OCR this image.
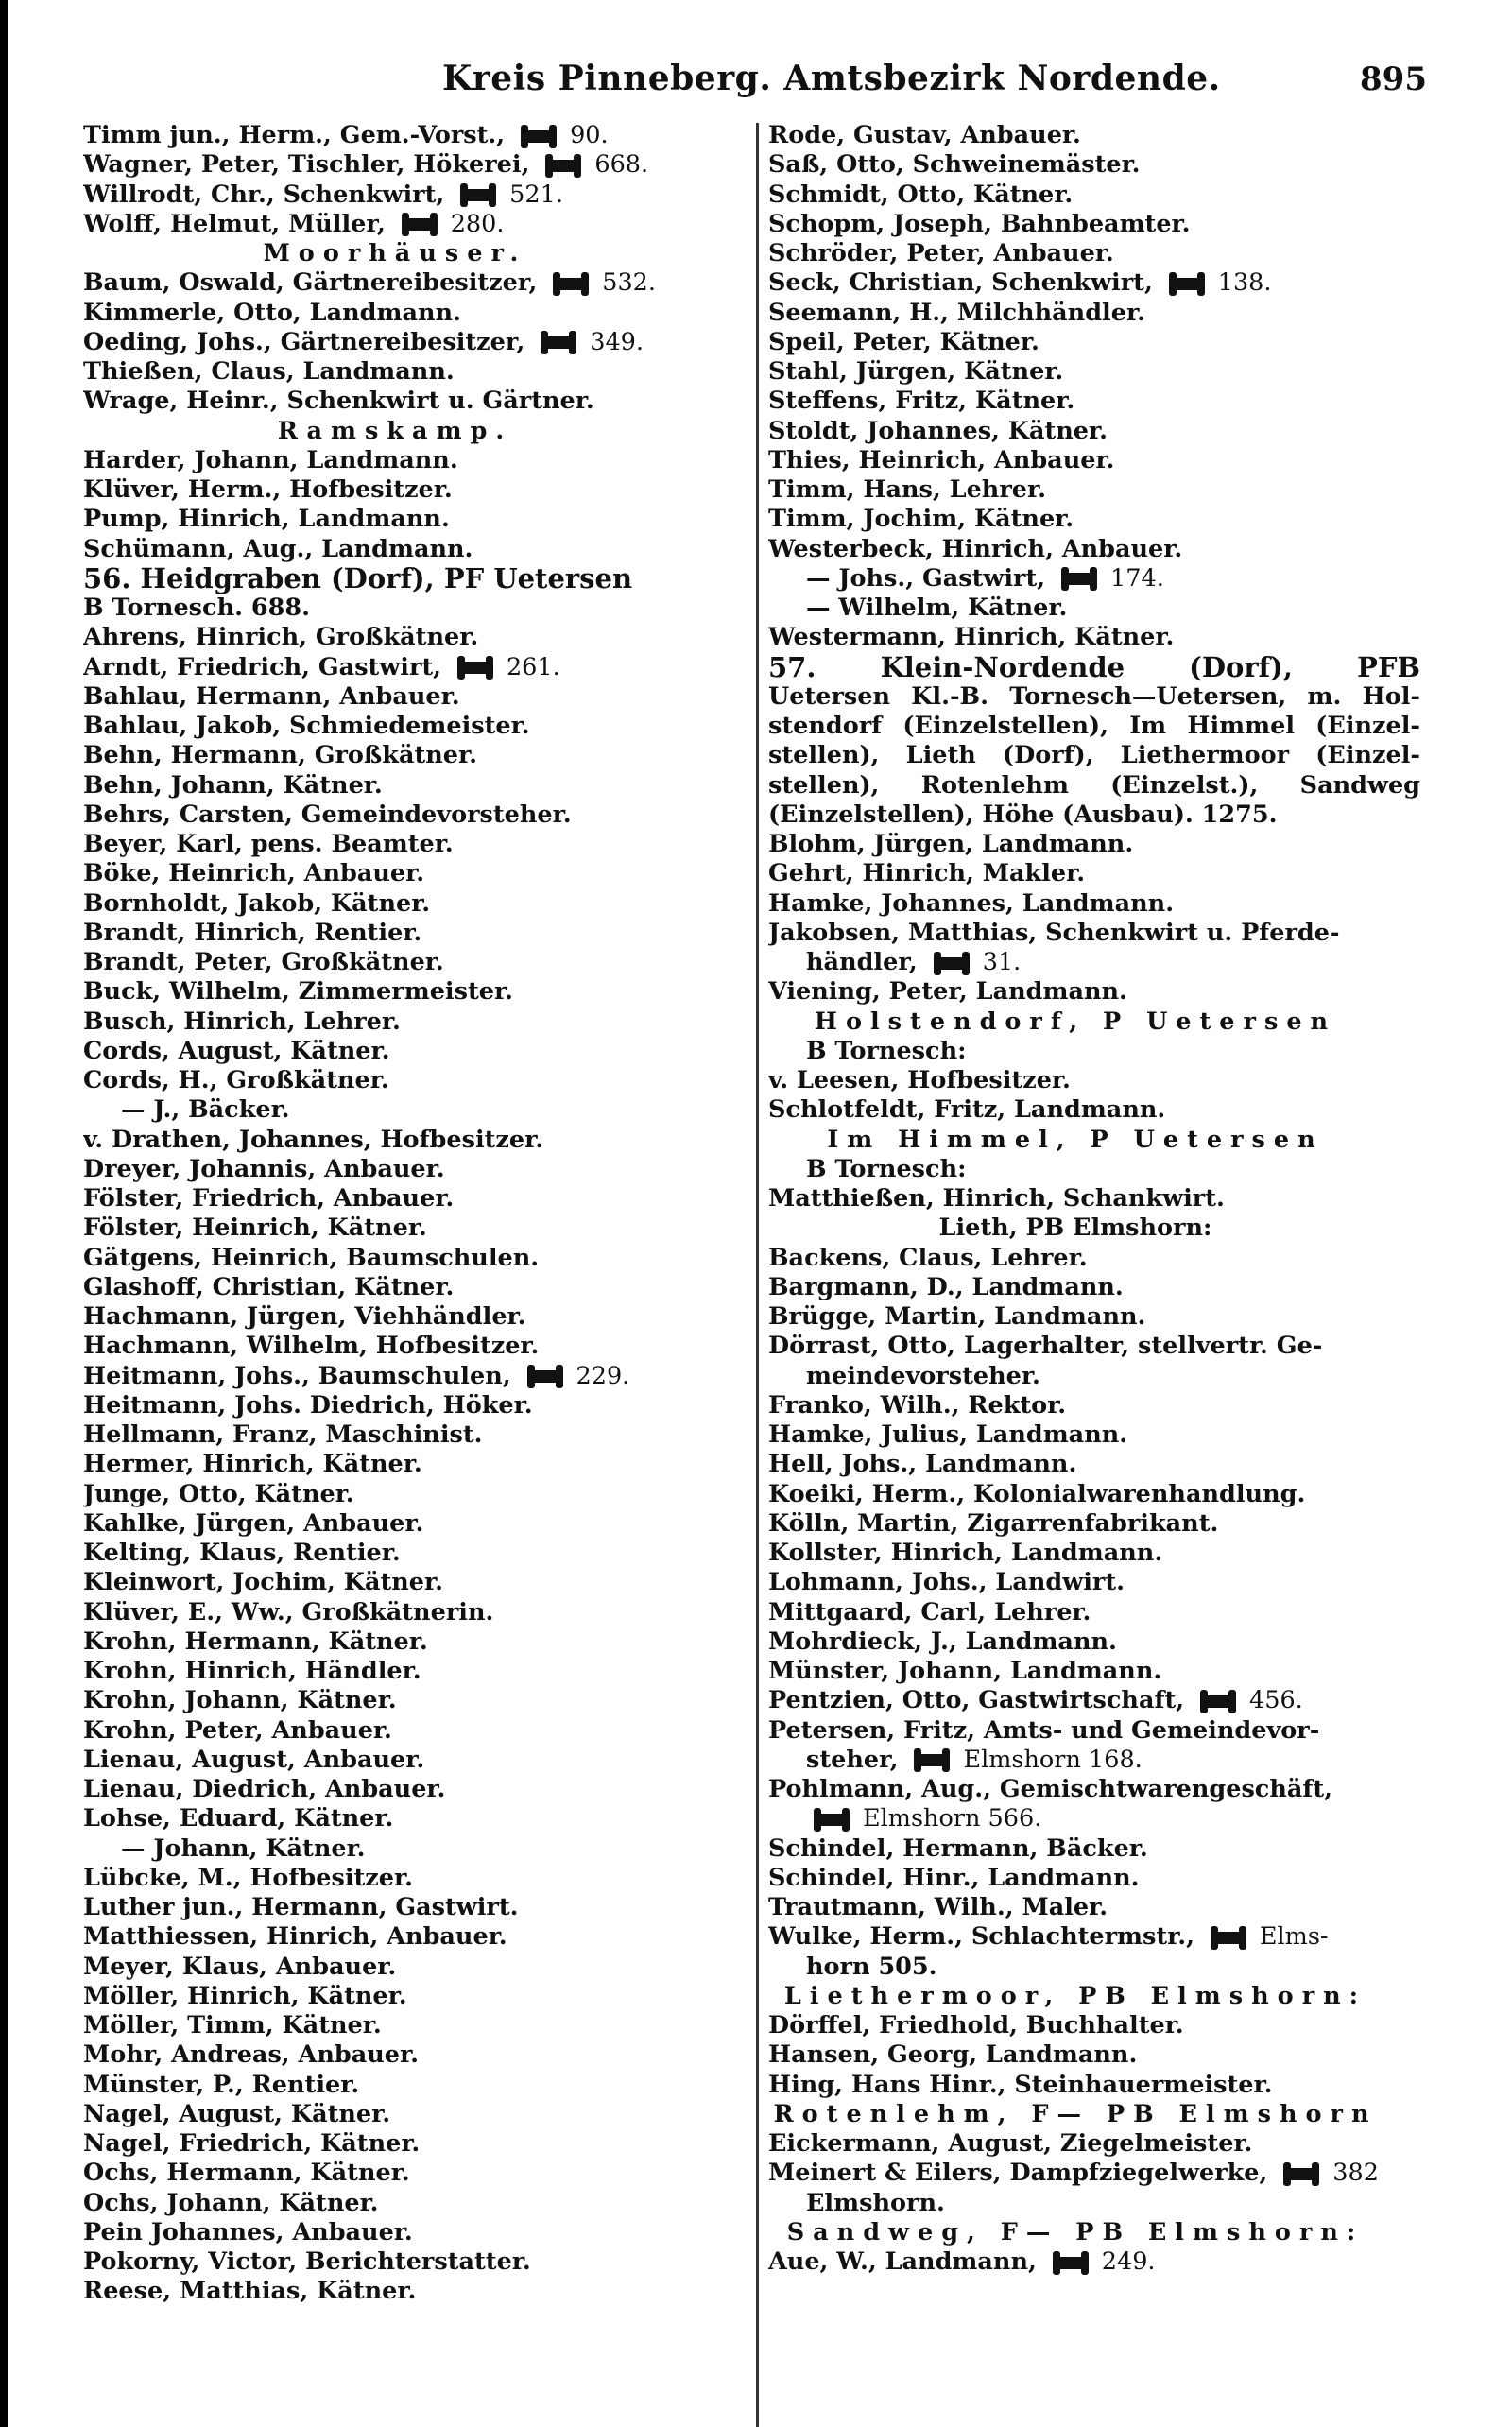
Kreis Pinneberg. Amtsbezirk Nordende.	895
Timm jun., Herm., Gem.-Vorst., 90.
Wagner, Peter, Tischler, Hökerei, 668.
Willrodt, Chr., Schenkwirt, 521.
Wolff, Helmut, Müller, 280.
Moorhäuser.
Baum, Oswald, Gärtnereibesitzer, 532.
Kimmerle, Otto, Landmann.
Oeding, Johs., Gärtnereibesitzer, 349.
Thießen, Claus, Landmann.
Wrage, Heinr., Schenkwirt u. Gärtner.
Ramskamp.
Harder, Johann, Landmann.
Klüver, Herm., Hofbesitzer.
Pump, Hinrich, Landmann.
Schümann, Aug., Landmann.
56. Heidgraben (Dorf), PF Uetersen
B Tornesch. 688.
Ahrens, Hinrich, Großkätner.
Arndt, Friedrich, Gastwirt, 261.
Bahlau, Hermann, Anbauer.
Bahlau, Jakob, Schmiedemeister.
Behn, Hermann, Großkätner.
Behn, Johann, Kätner.
Behrs, Carsten, Gemeindevorsteher.
Beyer, Karl, pens. Beamter.
Böke, Heinrich, Anbauer.
Bornholdt, Jakob, Kätner.
Brandt, Hinrich, Rentier.
Brandt, Peter, Großkätner.
Buck, Wilhelm, Zimmermeister.
Busch, Hinrich, Lehrer.
Cords, August, Kätner.
Cords, H., Großkätner.
— J., Bäcker.
v. Drathen, Johannes, Hofbesitzer.
Dreyer, Johannis, Anbauer.
Fölster, Friedrich, Anbauer.
Fölster, Heinrich, Kätner.
Gätgens, Heinrich, Baumschulen.
Glashoff, Christian, Kätner.
Hachmann, Jürgen, Viehhändler.
Hachmann, Wilhelm, Hofbesitzer.
Heitmann, Johs., Baumschulen, 229.
Heitmann, Johs. Diedrich, Höker.
Hellmann, Franz, Maschinist.
Hermer, Hinrich, Kätner.
Junge, Otto, Kätner.
Kahlke, Jürgen, Anbauer.
Kelting, Klaus, Rentier.
Kleinwort, Jochim, Kätner.
Klüver, E., Ww., Großkätnerin.
Krohn, Hermann, Kätner.
Krohn, Hinrich, Händler.
Krohn, Johann, Kätner.
Krohn, Peter, Anbauer.
Lienau, August, Anbauer.
Lienau, Diedrich, Anbauer.
Lohse, Eduard, Kätner.
— Johann, Kätner.
Lübcke, M., Hofbesitzer.
Luther jun., Hermann, Gastwirt.
Matthiessen, Hinrich, Anbauer.
Meyer, Klaus, Anbauer.
Möller, Hinrich, Kätner.
Möller, Timm, Kätner.
Mohr, Andreas, Anbauer.
Münster, P., Rentier.
Nagel, August, Kätner.
Nagel, Friedrich, Kätner.
Ochs, Hermann, Kätner.
Ochs, Johann, Kätner.
Pein Johannes, Anbauer.
Pokorny, Victor, Berichterstatter.
Reese, Matthias, Kätner.
Rode, Gustav, Anbauer.
Saß, Otto, Schweinemäster.
Schmidt, Otto, Kätner.
Schopm, Joseph, Bahnbeamter.
Schröder, Peter, Anbauer.
Seck, Christian, Schenkwirt, 138.
Seemann, H., Milchhändler.
Speil, Peter, Kätner.
Stahl, Jürgen, Kätner.
Steffens, Fritz, Kätner.
Stoldt, Johannes, Kätner.
Thies, Heinrich, Anbauer.
Timm, Hans, Lehrer.
Timm, Jochim, Kätner.
Westerbeck, Hinrich, Anbauer.
— Johs., Gastwirt, 174.
— Wilhelm, Kätner.
Westermann, Hinrich, Kätner.
57. Klein-Nordende (Dorf), PFB
Uetersen Kl.-B. Tornesch—Uetersen, m. Hol-
stendorf (Einzelstellen), Im Himmel (Einzel-
stellen), Lieth (Dorf), Liethermoor (Einzel-
stellen), Rotenlehm (Einzelst.), Sandweg
(Einzelstellen), Höhe (Ausbau). 1275.
Blohm, Jürgen, Landmann.
Gehrt, Hinrich, Makler.
Hamke, Johannes, Landmann.
Jakobsen, Matthias, Schenkwirt u. Pferde-
händler, 31.
Viening, Peter, Landmann.
Holstendorf, P Uetersen
B Tornesch:
v. Leesen, Hofbesitzer.
Schlotfeldt, Fritz, Landmann.
Im Himmel, P Uetersen
B Tornesch:
Matthießen, Hinrich, Schankwirt.
Lieth, PB Elmshorn:
Backens, Claus, Lehrer.
Bargmann, D., Landmann.
Brügge, Martin, Landmann.
Dörrast, Otto, Lagerhalter, stellvertr. Ge-
meindevorsteher.
Franko, Wilh., Rektor.
Hamke, Julius, Landmann.
Hell, Johs., Landmann.
Koeiki, Herm., Kolonialwarenhandlung.
Kölln, Martin, Zigarrenfabrikant.
Kollster, Hinrich, Landmann.
Lohmann, Johs., Landwirt.
Mittgaard, Carl, Lehrer.
Mohrdieck, J., Landmann.
Münster, Johann, Landmann.
Pentzien, Otto, Gastwirtschaft, 456.
Petersen, Fritz, Amts- und Gemeindevor-
steher, Elmshorn 168.
Pohlmann, Aug., Gemischtwarengeschäft,
Elmshorn 566.
Schindel, Hermann, Bäcker.
Schindel, Hinr., Landmann.
Trautmann, Wilh., Maler.
Wulke, Herm., Schlachtermstr., Elms-
horn 505.
Liethermoor, PB Elmshorn:
Dörffel, Friedhold, Buchhalter.
Hansen, Georg, Landmann.
Hing, Hans Hinr., Steinhauermeister.
Rotenlehm, F— PB Elmshorn
Eickermann, August, Ziegelmeister.
Meinert & Eilers, Dampfziegelwerke, 382
Elmshorn.
Sandweg, F— PB Elmshorn:
Aue, W., Landmann, 249.
